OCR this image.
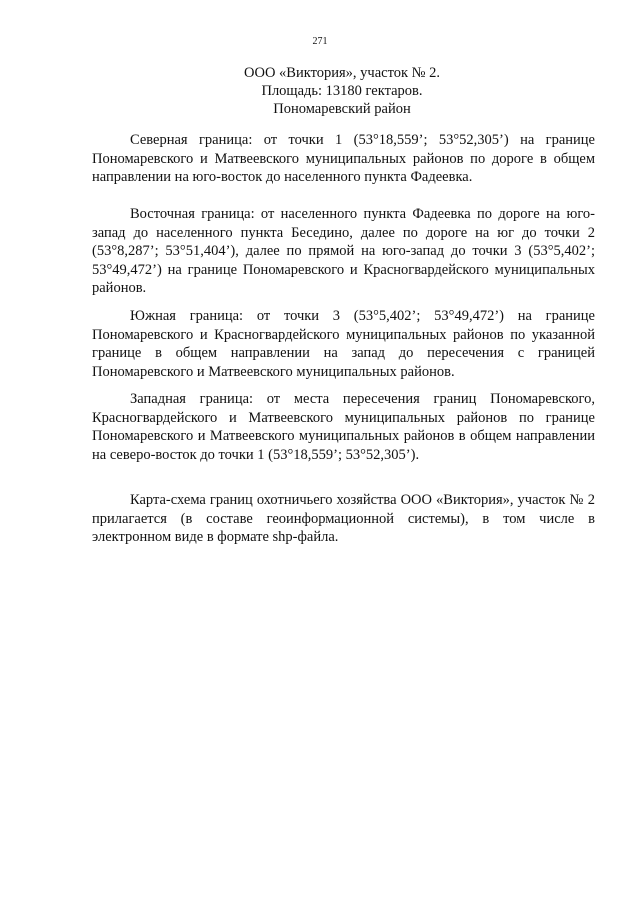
271
ООО «Виктория», участок № 2.
Площадь: 13180 гектаров.
Пономаревский район

Северная граница: от точки 1 (53°18,559’; 53°52,305’) на границе Пономаревского и Матвеевского муниципальных районов по дороге в общем направлении на юго-восток до населенного пункта Фадеевка.

Восточная граница: от населенного пункта Фадеевка по дороге на юго-запад до населенного пункта Беседино, далее по дороге на юг до точки 2 (53°8,287’; 53°51,404’), далее по прямой на юго-запад до точки 3 (53°5,402’; 53°49,472’) на границе Пономаревского и Красногвардейского муниципальных районов.

Южная граница: от точки 3 (53°5,402’; 53°49,472’) на границе Пономаревского и Красногвардейского муниципальных районов по указанной границе в общем направлении на запад до пересечения с границей Пономаревского и Матвеевского муниципальных районов.

Западная граница: от места пересечения границ Пономаревского, Красногвардейского и Матвеевского муниципальных районов по границе Пономаревского и Матвеевского муниципальных районов в общем направлении на северо-восток до точки 1 (53°18,559’; 53°52,305’).

Карта-схема границ охотничьего хозяйства ООО «Виктория», участок № 2 прилагается (в составе геоинформационной системы), в том числе в электронном виде в формате shp-файла.
